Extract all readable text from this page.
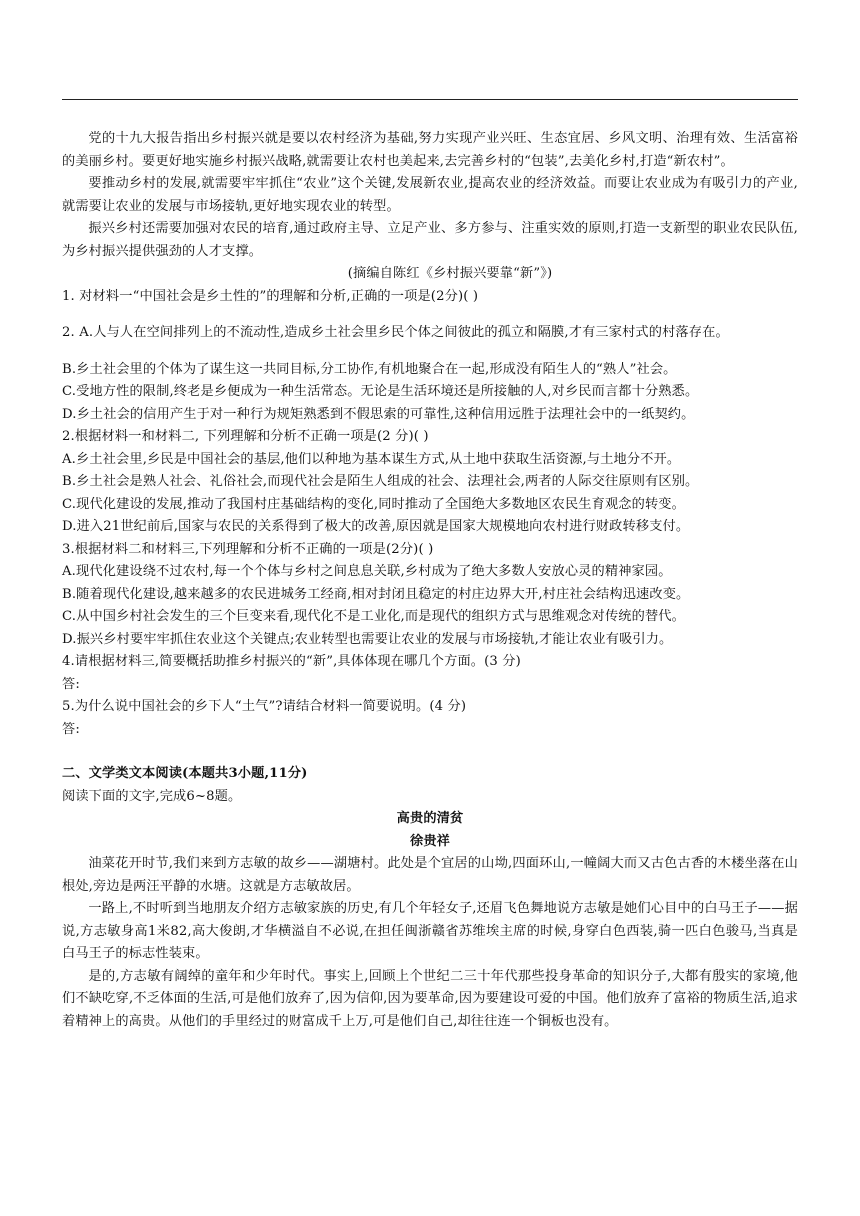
党的十九大报告指出乡村振兴就是要以农村经济为基础,努力实现产业兴旺、生态宜居、乡风文明、治理有效、生活富裕的美丽乡村。要更好地实施乡村振兴战略,就需要让农村也美起来,去完善乡村的“包装”,去美化乡村,打造“新农村”。

要推动乡村的发展,就需要牢牢抓住“农业”这个关键,发展新农业,提高农业的经济效益。而要让农业成为有吸引力的产业,就需要让农业的发展与市场接轨,更好地实现农业的转型。

振兴乡村还需要加强对农民的培育,通过政府主导、立足产业、多方参与、注重实效的原则,打造一支新型的职业农民队伍,为乡村振兴提供强劲的人才支撑。

(摘编自陈红《乡村振兴要靠“新”》)

1. 对材料一“中国社会是乡土性的”的理解和分析,正确的一项是(2分)( )

2. A.人与人在空间排列上的不流动性,造成乡土社会里乡民个体之间彼此的孤立和隔膜,才有三家村式的村落存在。

B.乡土社会里的个体为了谋生这一共同目标,分工协作,有机地聚合在一起,形成没有陌生人的“熟人”社会。

C.受地方性的限制,终老是乡便成为一种生活常态。无论是生活环境还是所接触的人,对乡民而言都十分熟悉。

D.乡土社会的信用产生于对一种行为规矩熟悉到不假思索的可靠性,这种信用远胜于法理社会中的一纸契约。

2.根据材料一和材料二, 下列理解和分析不正确一项是(2 分)( )

A.乡土社会里,乡民是中国社会的基层,他们以种地为基本谋生方式,从土地中获取生活资源,与土地分不开。

B.乡土社会是熟人社会、礼俗社会,而现代社会是陌生人组成的社会、法理社会,两者的人际交往原则有区别。

C.现代化建设的发展,推动了我国村庄基础结构的变化,同时推动了全国绝大多数地区农民生育观念的转变。

D.进入21世纪前后,国家与农民的关系得到了极大的改善,原因就是国家大规模地向农村进行财政转移支付。

3.根据材料二和材料三,下列理解和分析不正确的一项是(2分)( )

A.现代化建设绕不过农村,每一个个体与乡村之间息息关联,乡村成为了绝大多数人安放心灵的精神家园。

B.随着现代化建设,越来越多的农民进城务工经商,相对封闭且稳定的村庄边界大开,村庄社会结构迅速改变。

C.从中国乡村社会发生的三个巨变来看,现代化不是工业化,而是现代的组织方式与思维观念对传统的替代。

D.振兴乡村要牢牢抓住农业这个关键点;农业转型也需要让农业的发展与市场接轨,才能让农业有吸引力。

4.请根据材料三,简要概括助推乡村振兴的“新”,具体体现在哪几个方面。(3 分)

答:

5.为什么说中国社会的乡下人“土气”?请结合材料一简要说明。(4 分)

答:

二、文学类文本阅读(本题共3小题,11分)

阅读下面的文字,完成6~8题。

高贵的清贫

徐贵祥

油菜花开时节,我们来到方志敏的故乡——湖塘村。此处是个宜居的山坳,四面环山,一幢阔大而又古色古香的木楼坐落在山根处,旁边是两汪平静的水塘。这就是方志敏故居。

一路上,不时听到当地朋友介绍方志敏家族的历史,有几个年轻女子,还眉飞色舞地说方志敏是她们心目中的白马王子——据说,方志敏身高1米82,高大俊朗,才华横溢自不必说,在担任闽浙赣省苏维埃主席的时候,身穿白色西装,骑一匹白色骏马,当真是白马王子的标志性装束。

是的,方志敏有阔绰的童年和少年时代。事实上,回顾上个世纪二三十年代那些投身革命的知识分子,大都有殷实的家境,他们不缺吃穿,不乏体面的生活,可是他们放弃了,因为信仰,因为要革命,因为要建设可爱的中国。他们放弃了富裕的物质生活,追求着精神上的高贵。从他们的手里经过的财富成千上万,可是他们自己,却往往连一个铜板也没有。
